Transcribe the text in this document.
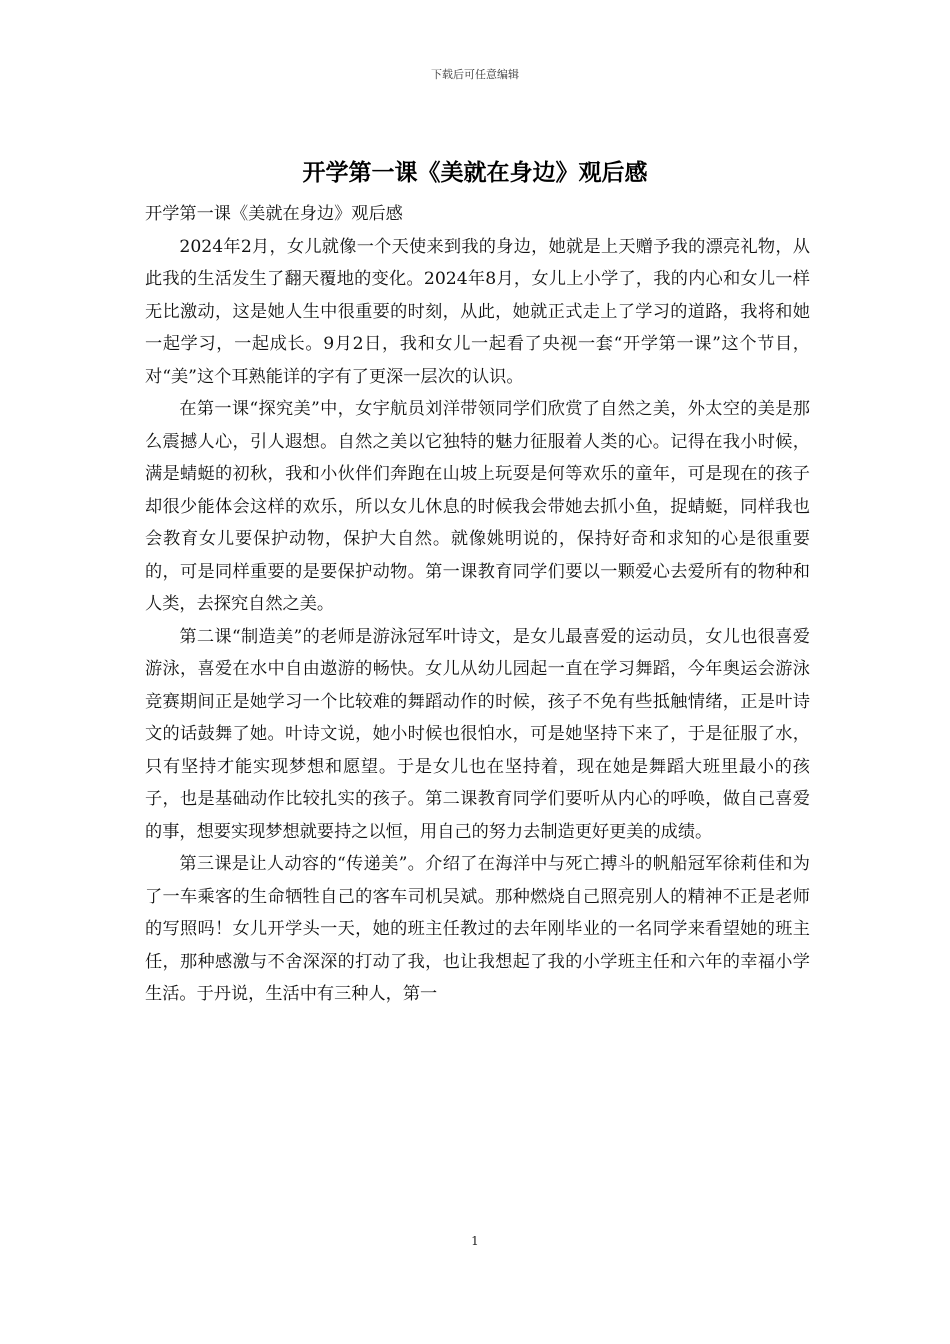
下载后可任意编辑
开学第一课《美就在身边》观后感

开学第一课《美就在身边》观后感

2024年2月，女儿就像一个天使来到我的身边，她就是上天赠予我的漂亮礼物，从此我的生活发生了翻天覆地的变化。2024年8月，女儿上小学了，我的内心和女儿一样无比激动，这是她人生中很重要的时刻，从此，她就正式走上了学习的道路，我将和她一起学习，一起成长。9月2日，我和女儿一起看了央视一套“开学第一课”这个节目，对“美”这个耳熟能详的字有了更深一层次的认识。

在第一课“探究美”中，女宇航员刘洋带领同学们欣赏了自然之美，外太空的美是那么震撼人心，引人遐想。自然之美以它独特的魅力征服着人类的心。记得在我小时候，满是蜻蜓的初秋，我和小伙伴们奔跑在山坡上玩耍是何等欢乐的童年，可是现在的孩子却很少能体会这样的欢乐，所以女儿休息的时候我会带她去抓小鱼，捉蜻蜓，同样我也会教育女儿要保护动物，保护大自然。就像姚明说的，保持好奇和求知的心是很重要的，可是同样重要的是要保护动物。第一课教育同学们要以一颗爱心去爱所有的物种和人类，去探究自然之美。

第二课“制造美”的老师是游泳冠军叶诗文，是女儿最喜爱的运动员，女儿也很喜爱游泳，喜爱在水中自由遨游的畅快。女儿从幼儿园起一直在学习舞蹈，今年奥运会游泳竞赛期间正是她学习一个比较难的舞蹈动作的时候，孩子不免有些抵触情绪，正是叶诗文的话鼓舞了她。叶诗文说，她小时候也很怕水，可是她坚持下来了，于是征服了水，只有坚持才能实现梦想和愿望。于是女儿也在坚持着，现在她是舞蹈大班里最小的孩子，也是基础动作比较扎实的孩子。第二课教育同学们要听从内心的呼唤，做自己喜爱的事，想要实现梦想就要持之以恒，用自己的努力去制造更好更美的成绩。

第三课是让人动容的“传递美”。介绍了在海洋中与死亡搏斗的帆船冠军徐莉佳和为了一车乘客的生命牺牲自己的客车司机吴斌。那种燃烧自己照亮别人的精神不正是老师的写照吗！女儿开学头一天，她的班主任教过的去年刚毕业的一名同学来看望她的班主任，那种感激与不舍深深的打动了我，也让我想起了我的小学班主任和六年的幸福小学生活。于丹说，生活中有三种人，第一

1
